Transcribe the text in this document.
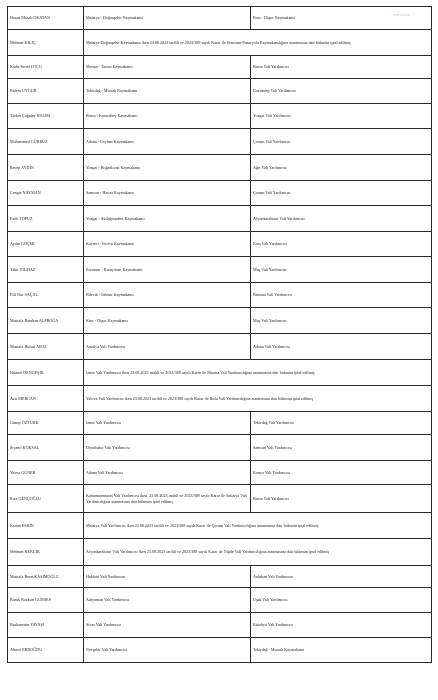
Hasan Musab OKATAN	Malatya - Doğanşehir Kaymakamı	Kars - Digor Kaymakamı
Mehmet KILIÇ	Malatya-Doğanşehir Kaymakamı iken 23.08.2023 tarihli ve 2023/388 sayılı Karar ile Erzurum-Pazaryolu Kaymakamlığına atanmasına dair hükmün iptal edilmiş	
Kadir Sertel OTCU	Mersin - Tarsus Kaymakamı	Bursa Vali Yardımcısı
Bülent UYGUR	Tekirdağ - Muratlı Kaymakamı	Gaziantep Vali Yardımcısı
Türker Çağatay HALİM	Bursa - Karacabey Kaymakamı	Yozgat Vali Yardımcısı
Muhammed GÜRBÜZ	Adana - Ceyhan Kaymakamı	Çorum Vali Yardımcısı
Recep AYDIN	Yozgat - Boğazlıyan Kaymakamı	Ağrı Vali Yardımcısı
Cengiz NAYMAN	Samsun - Havza Kaymakamı	Çorum Vali Yardımcısı
Fatih TOPUZ	Yozgat - Akdağmadeni Kaymakamı	Afyonkarahisar Vali Yardımcısı
Aydın GÖÇER	Kayseri - İncesu Kaymakamı	Kars Vali Yardımcısı
Tahir YILMAZ	Erzurum - Karaçoban Kaymakamı	Muş Vali Yardımcısı
Elif Nur SAÇAL	Bilecik - İnhisar Kaymakamı	Batman Vali Yardımcısı
Mustafa Batuhan ALPBOĞA	Kars - Digor Kaymakamı	Muş Vali Yardımcısı
Mustafa Hulusi ARAT	Antalya Vali Yardımcısı	Adana Vali Yardımcısı
Hikmet DENGEŞİK	İzmir Vali Yardımcısı iken 23.08.2023 tarihli ve 2023/388 sayılı Karar ile Manisa Vali Yardımcılığına atanmasına dair hükmün iptal edilmiş	
Azir MERCAN	Yalova Vali Yardımcısı iken 23.08.2023 tarihli ve 2023/388 sayılı Karar ile Bolu Vali Yardımcılığına atanmasına dair hükmün iptal edilmiş	
Günay ÖZTÜRK	İzmir Vali Yardımcısı	Tekirdağ Vali Yardımcısı
Siyami KÖKSAL	Diyarbakır Vali Yardımcısı	Samsun Vali Yardımcısı
Yavuz GÜNER	Adana Vali Yardımcısı	Konya Vali Yardımcısı
Rıza GENÇOĞLU	Kahramanmaraş Vali Yardımcısı iken, 23.08.2023 tarihli ve 2023/388 sayılı Karar ile Sakarya Vali Yardımcılığına atanmasına dair hükmün iptal edilmiş	Bursa Vali Yardımcısı
Kenan ESKİN	Malatya Vali Yardımcısı iken 23.08.2023 tarihli ve 2023/388 sayılı Karar ile Çorum Vali Yardımcılığına atanmasına dair hükmün iptal edilmiş	
Mehmet KEKLİK	Afyonkarahisar Vali Yardımcısı iken 23.08.2023 tarihli ve 2023/388 sayılı Karar ile Niğde Vali Yardımcılığına atanmasına dair hükmün iptal edilmiş	
Mustafa Berat KASIMOĞLU	Hakkari Vali Yardımcısı	Ardahan Vali Yardımcısı
Burak Bozkurt GÜRSES	Adıyaman Vali Yardımcısı	Uşak Vali Yardımcısı
Burhanettin YAVAŞİ	Sivas Vali Yardımcısı	Kütahya Vali Yardımcısı
Ahmet ERDOĞDU	Nevşehir Vali Yardımcısı	Tekirdağ - Muratlı Kaymakamı
memurlar
